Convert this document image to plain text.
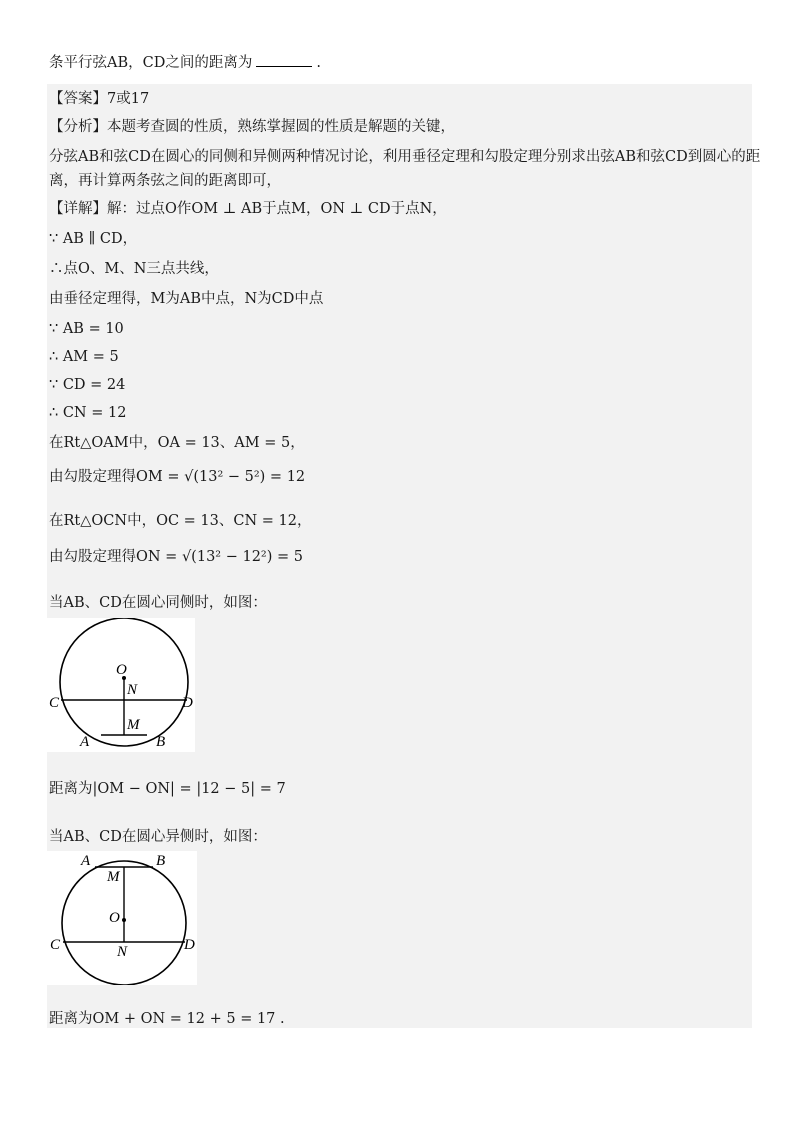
条平行弦AB，CD之间的距离为	.
【答案】7或17
【分析】本题考查圆的性质，熟练掌握圆的性质是解题的关键，
分弦AB和弦CD在圆心的同侧和异侧两种情况讨论，利用垂径定理和勾股定理分别求出弦AB和弦CD到圆心的距
离，再计算两条弦之间的距离即可，
【详解】解：过点O作OM ⊥ AB于点M，ON ⊥ CD于点N，
∵ AB ∥ CD，
∴点O、M、N三点共线，
由垂径定理得，M为AB中点，N为CD中点
∵ AB = 10
∴ AM = 5
∵ CD = 24
∴ CN = 12
在Rt△OAM中，OA = 13、AM = 5，
由勾股定理得OM = √(13² − 5²) = 12
在Rt△OCN中，OC = 13、CN = 12，
由勾股定理得ON = √(13² − 12²) = 5
当AB、CD在圆心同侧时，如图：
O
N
C	D
M
A	B
距离为|OM − ON| = |12 − 5| = 7
当AB、CD在圆心异侧时，如图：
A	B
M
O
C	N	D
距离为OM + ON = 12 + 5 = 17 .
